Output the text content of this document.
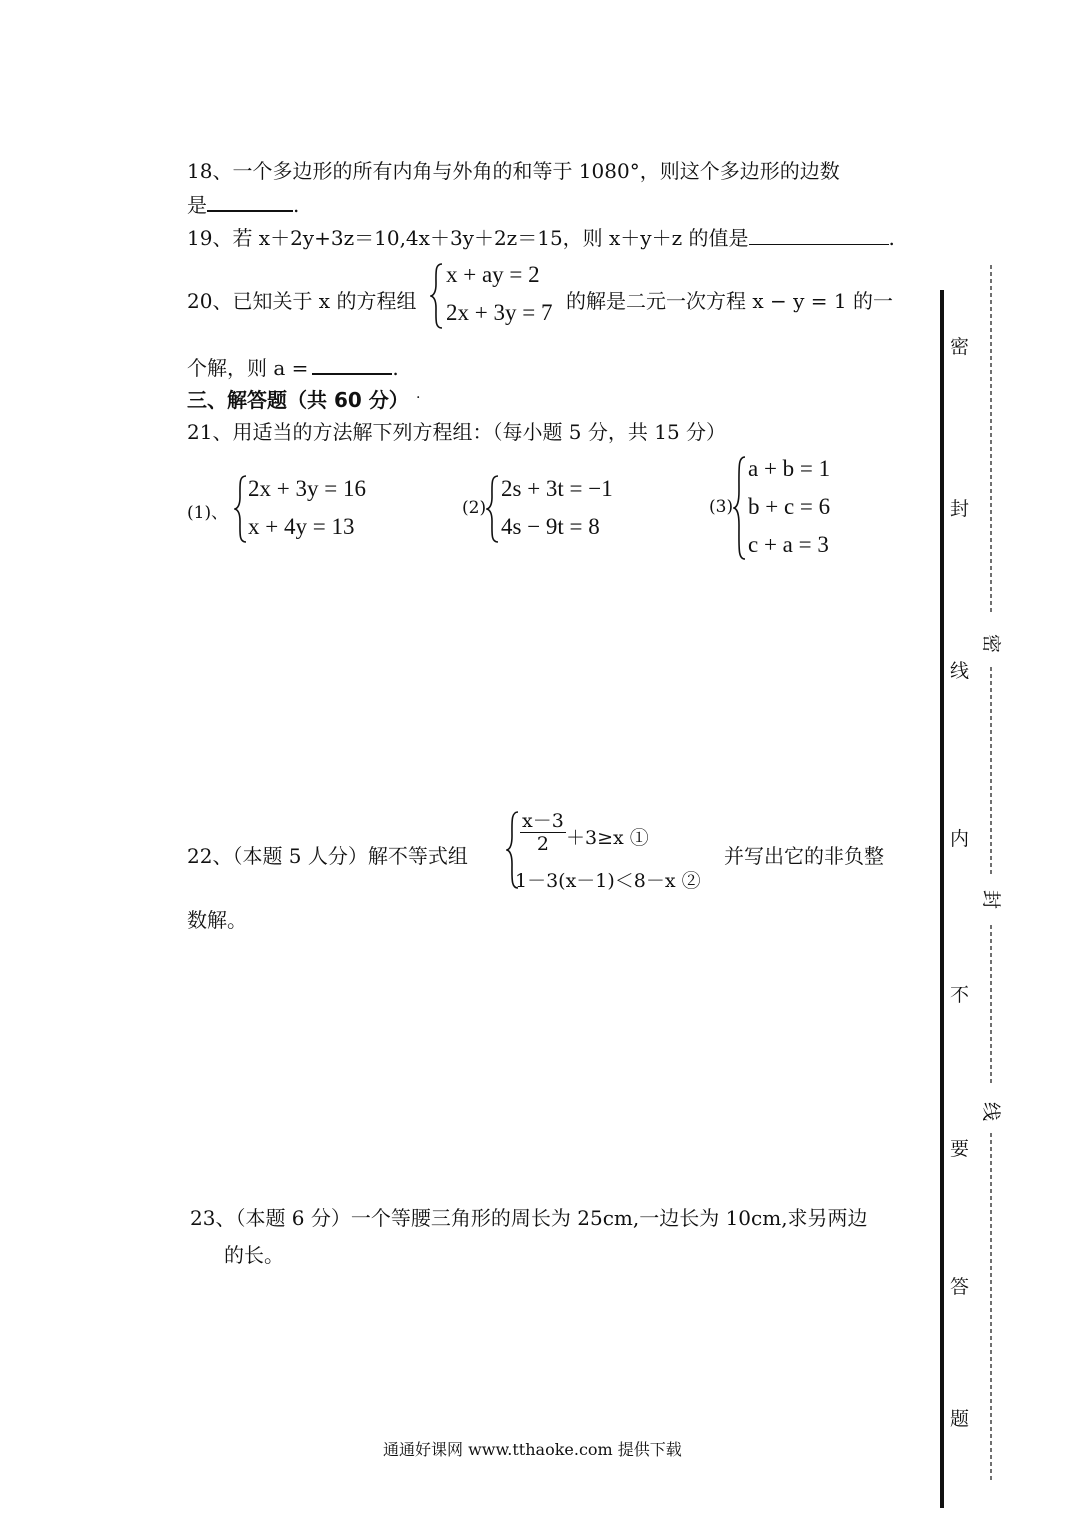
18、一个多边形的所有内角与外角的和等于 1080°，则这个多边形的边数
是	.
19、若 x＋2y+3z＝10,4x＋3y＋2z＝15，则 x＋y＋z 的值是	.
20、已知关于 x 的方程组
x + ay = 2
2x + 3y = 7 的解是二元一次方程 x − y = 1 的一
个解，则 a =	.
三、解答题（共 60 分） .
21、用适当的方法解下列方程组：（每小题 5 分，共 15 分）
(1)、
2x + 3y = 16
x + 4y = 13
(2)
2s + 3t = −1
4s − 9t = 8
(3)
a + b = 1
b + c = 6
c + a = 3
22、（本题 5 人分）解不等式组
$\frac{x-3}{2} +3\ge x$ ①
1－3(x－1)＜8－x ②
并写出它的非负整
数解。
23、（本题 6 分）一个等腰三角形的周长为 25cm,一边长为 10cm,求另两边
的长。
通通好课网 www.tthaoke.com 提供下载
密
封
线
内
不
要
答
题
密
封
线
